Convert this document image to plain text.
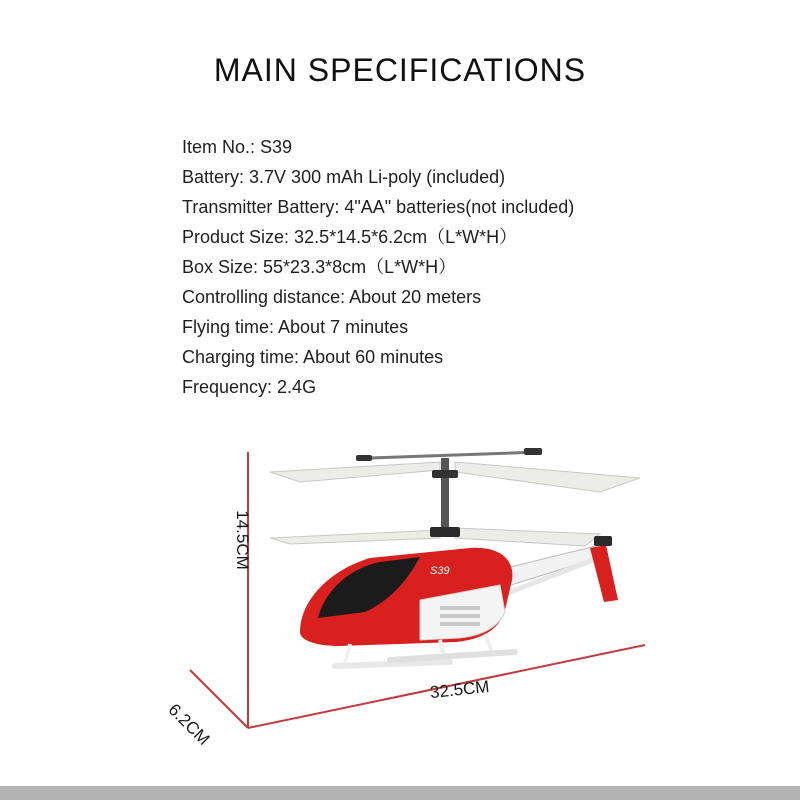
MAIN SPECIFICATIONS
Item No.: S39
Battery: 3.7V 300 mAh Li-poly (included)
Transmitter Battery: 4"AA" batteries(not included)
Product Size: 32.5*14.5*6.2cm（L*W*H）
Box Size: 55*23.3*8cm（L*W*H）
Controlling distance: About 20 meters
Flying time: About 7 minutes
Charging time: About 60 minutes
Frequency: 2.4G
S39
14.5CM
6.2CM
32.5CM
